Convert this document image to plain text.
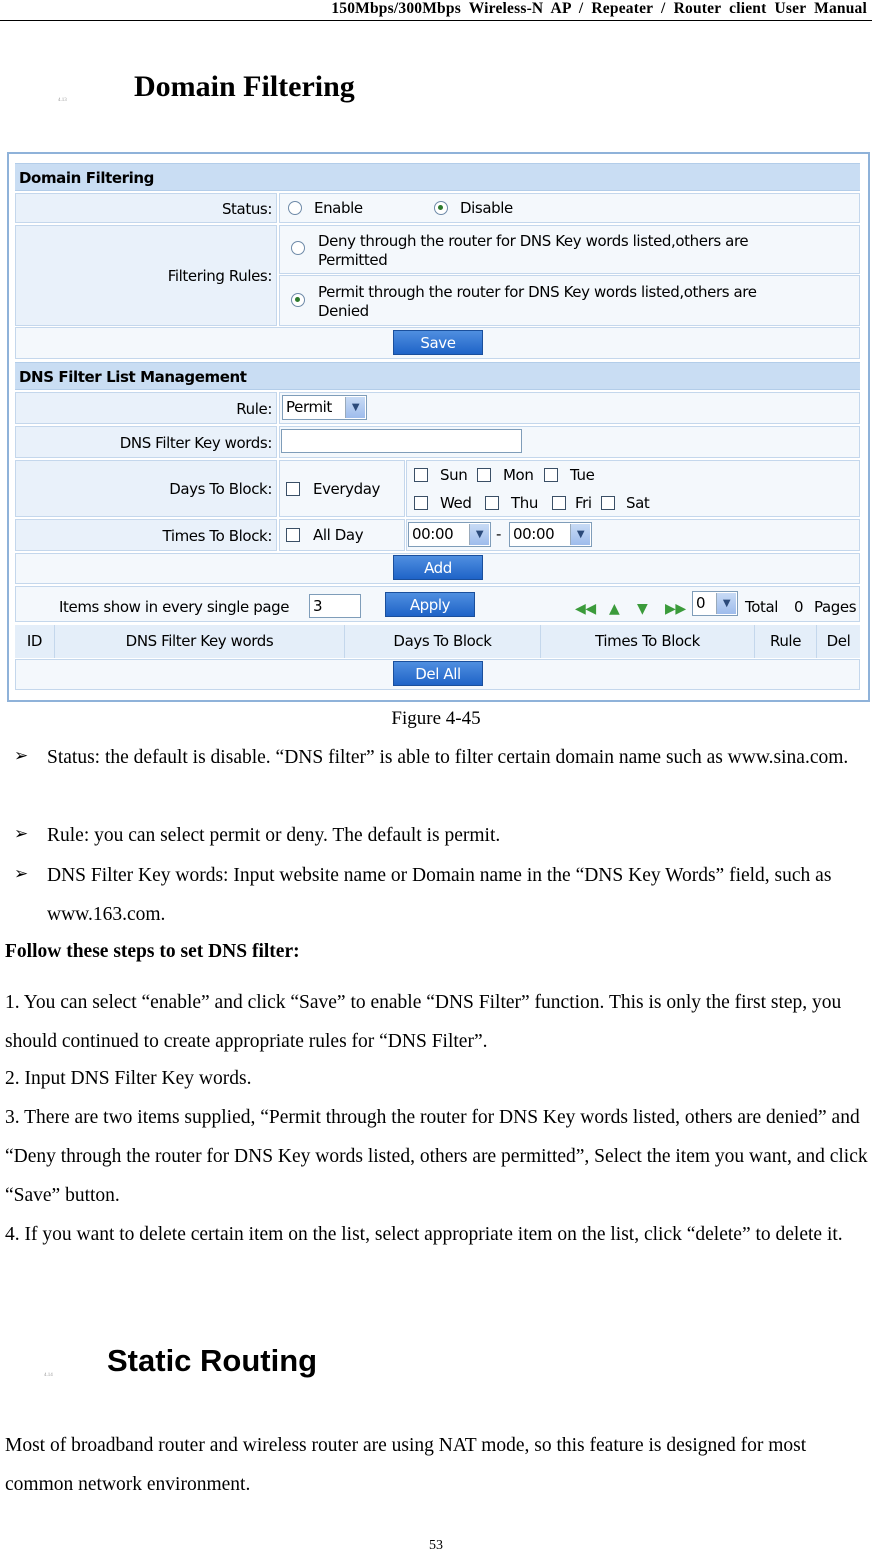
150Mbps/300Mbps Wireless-N AP / Repeater / Router client User Manual
4.13 Domain Filtering
Domain Filtering
Status:	Enable	Disable
Filtering Rules:
Deny through the router for DNS Key words listed,others are
Permitted
Permit through the router for DNS Key words listed,others are
Denied
Save
DNS Filter List Management
Rule: Permit	▼
DNS Filter Key words:
Days To Block:	Everyday
Sun Mon Tue
Wed	Thu Fri Sat
Times To Block:	All Day	00:00	▼ - 00:00	▼
Add
Items show in every single page 3	Apply	◀◀ ▲ ▼ ▶▶ 0	▼ Total 0 Pages
ID	DNS Filter Key words	Days To Block	Times To Block	Rule	Del
Del All
Figure 4-45
➢ Status: the default is disable. “DNS filter” is able to filter certain domain name such as www.sina.com.
➢ Rule: you can select permit or deny. The default is permit.
➢ DNS Filter Key words: Input website name or Domain name in the “DNS Key Words” field, such as www.163.com.
Follow these steps to set DNS filter:
1. You can select “enable” and click “Save” to enable “DNS Filter” function. This is only the first step, you should continued to create appropriate rules for “DNS Filter”.
2. Input DNS Filter Key words.
3. There are two items supplied, “Permit through the router for DNS Key words listed, others are denied” and “Deny through the router for DNS Key words listed, others are permitted”, Select the item you want, and click “Save” button.
4. If you want to delete certain item on the list, select appropriate item on the list, click “delete” to delete it.
4.14 Static Routing
Most of broadband router and wireless router are using NAT mode, so this feature is designed for most common network environment.
53
